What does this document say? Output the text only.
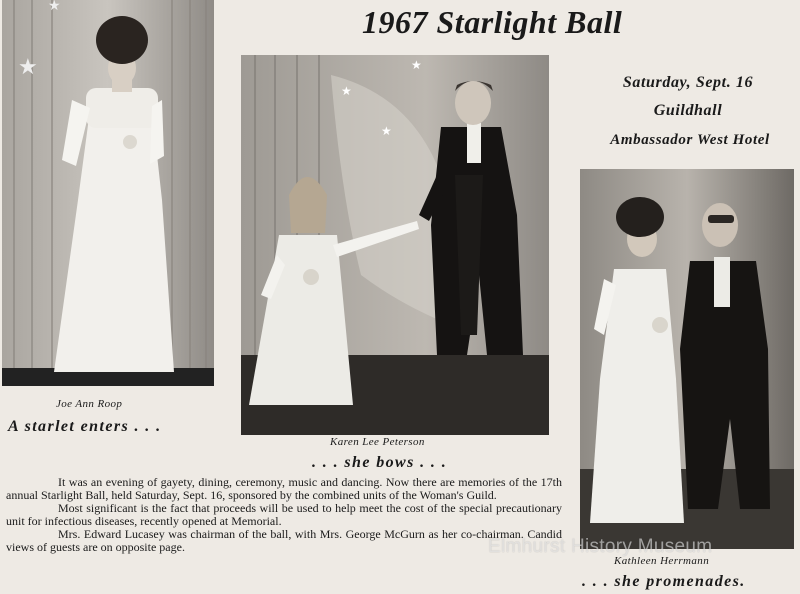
★
★
★
★
★
1967 Starlight Ball
Saturday, Sept. 16
Guildhall
Ambassador West Hotel
Joe Ann Roop
A starlet enters . . .
Karen Lee Peterson
. . . she bows . . .
Kathleen Herrmann
. . . she promenades.

It was an evening of gayety, dining, ceremony, music and dancing. Now there are memories of the 17th annual Starlight Ball, held Saturday, Sept. 16, sponsored by the combined units of the Woman's Guild.

Most significant is the fact that proceeds will be used to help meet the cost of the special precautionary unit for infectious diseases, recently opened at Memorial.

Mrs. Edward Lucasey was chairman of the ball, with Mrs. George McGurn as her co-chairman. Candid views of guests are on opposite page.	Elmhurst History Museum
